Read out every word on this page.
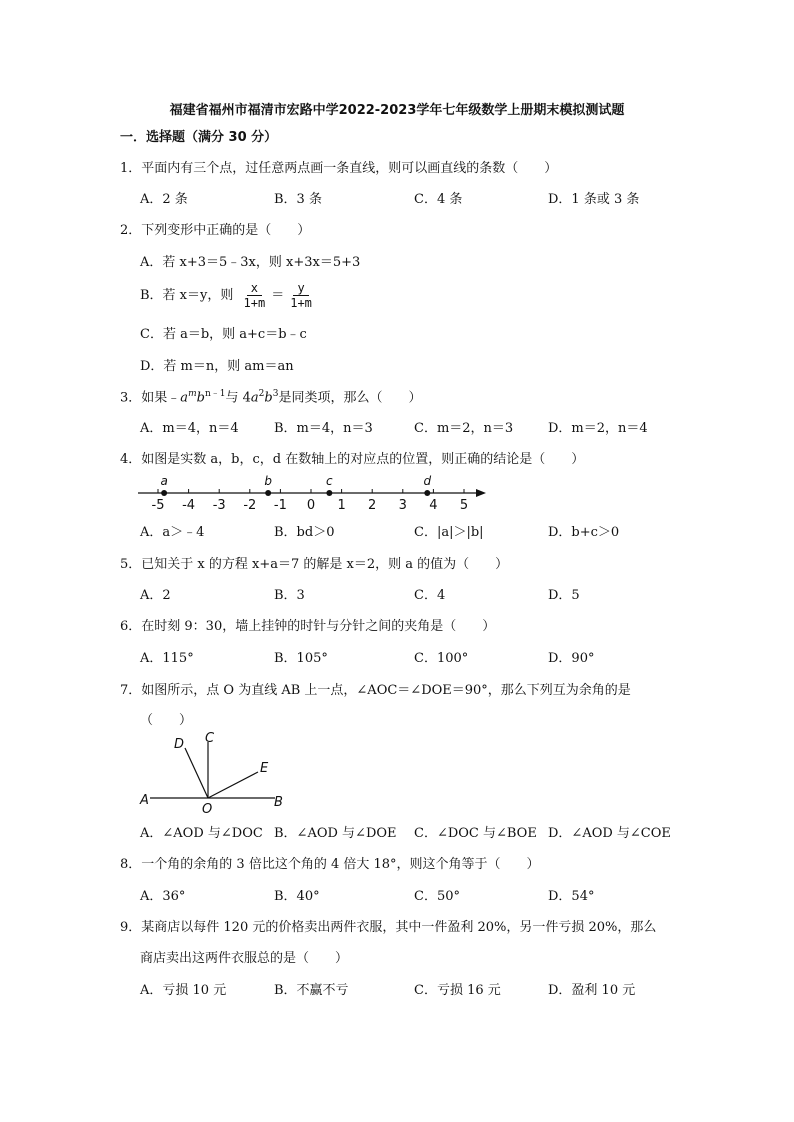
福建省福州市福清市宏路中学2022-2023学年七年级数学上册期末模拟测试题
一．选择题（满分 30 分）
1．平面内有三个点，过任意两点画一条直线，则可以画直线的条数（　　）
A．2 条	B．3 条	C．4 条	D．1 条或 3 条
2．下列变形中正确的是（　　）
A．若 x+3＝5﹣3x，则 x+3x＝5+3
B．若 x＝y，则 $\frac{x}{1+m} = \frac{y}{1+m}$
C．若 a＝b，则 a+c＝b﹣c
D．若 m＝n，则 am＝an
3．如果$﹣a^mb^{n﹣1}$与 $4a^2b^3$是同类项，那么（　　）
A．m＝4，n＝4	B．m＝4，n＝3	C．m＝2，n＝3	D．m＝2，n＝4
4．如图是实数 a，b，c，d 在数轴上的对应点的位置，则正确的结论是（　　）
-5 -4 -3 -2 -1 0 1 2 3 4 5
a	b	c	d
A．a＞﹣4	B．bd＞0	C．|a|＞|b|	D．b+c＞0
5．已知关于 x 的方程 x+a＝7 的解是 x＝2，则 a 的值为（　　）
A．2	B．3	C．4	D．5
6．在时刻 9：30，墙上挂钟的时针与分针之间的夹角是（　　）
A．115°	B．105°	C．100°	D．90°
7．如图所示，点 O 为直线 AB 上一点，∠AOC＝∠DOE＝90°，那么下列互为余角的是
（　　）
A	B
C
D
E
O
A．∠AOD 与∠DOC B．∠AOD 与∠DOE C．∠DOC 与∠BOE D．∠AOD 与∠COE
8．一个角的余角的 3 倍比这个角的 4 倍大 18°，则这个角等于（　　）
A．36°	B．40°	C．50°	D．54°
9．某商店以每件 120 元的价格卖出两件衣服，其中一件盈利 20%，另一件亏损 20%，那么
商店卖出这两件衣服总的是（　　）
A．亏损 10 元	B．不赢不亏	C．亏损 16 元	D．盈利 10 元
